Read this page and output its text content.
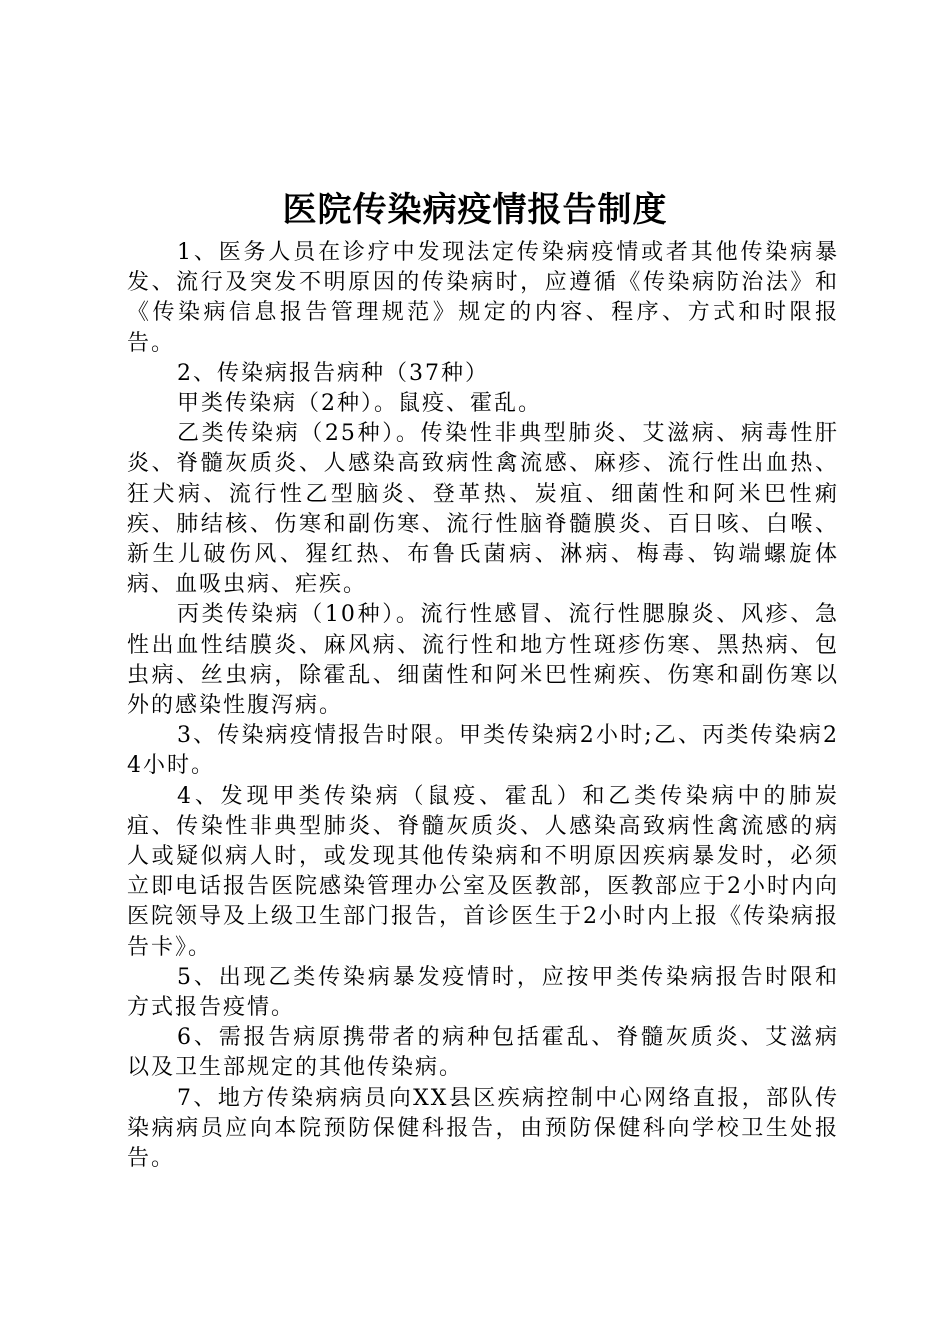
医院传染病疫情报告制度

1、医务人员在诊疗中发现法定传染病疫情或者其他传染病暴发、流行及突发不明原因的传染病时，应遵循《传染病防治法》和《传染病信息报告管理规范》规定的内容、程序、方式和时限报告。

2、传染病报告病种（37种）

甲类传染病（2种）。鼠疫、霍乱。

乙类传染病（25种）。传染性非典型肺炎、艾滋病、病毒性肝炎、脊髓灰质炎、人感染高致病性禽流感、麻疹、流行性出血热、狂犬病、流行性乙型脑炎、登革热、炭疽、细菌性和阿米巴性痢疾、肺结核、伤寒和副伤寒、流行性脑脊髓膜炎、百日咳、白喉、新生儿破伤风、猩红热、布鲁氏菌病、淋病、梅毒、钩端螺旋体病、血吸虫病、疟疾。

丙类传染病（10种）。流行性感冒、流行性腮腺炎、风疹、急性出血性结膜炎、麻风病、流行性和地方性斑疹伤寒、黑热病、包虫病、丝虫病，除霍乱、细菌性和阿米巴性痢疾、伤寒和副伤寒以外的感染性腹泻病。

3、传染病疫情报告时限。甲类传染病2小时;乙、丙类传染病24小时。

4、发现甲类传染病（鼠疫、霍乱）和乙类传染病中的肺炭疽、传染性非典型肺炎、脊髓灰质炎、人感染高致病性禽流感的病人或疑似病人时，或发现其他传染病和不明原因疾病暴发时，必须立即电话报告医院感染管理办公室及医教部，医教部应于2小时内向医院领导及上级卫生部门报告，首诊医生于2小时内上报《传染病报告卡》。

5、出现乙类传染病暴发疫情时，应按甲类传染病报告时限和方式报告疫情。

6、需报告病原携带者的病种包括霍乱、脊髓灰质炎、艾滋病以及卫生部规定的其他传染病。

7、地方传染病病员向XX县区疾病控制中心网络直报，部队传染病病员应向本院预防保健科报告，由预防保健科向学校卫生处报告。
